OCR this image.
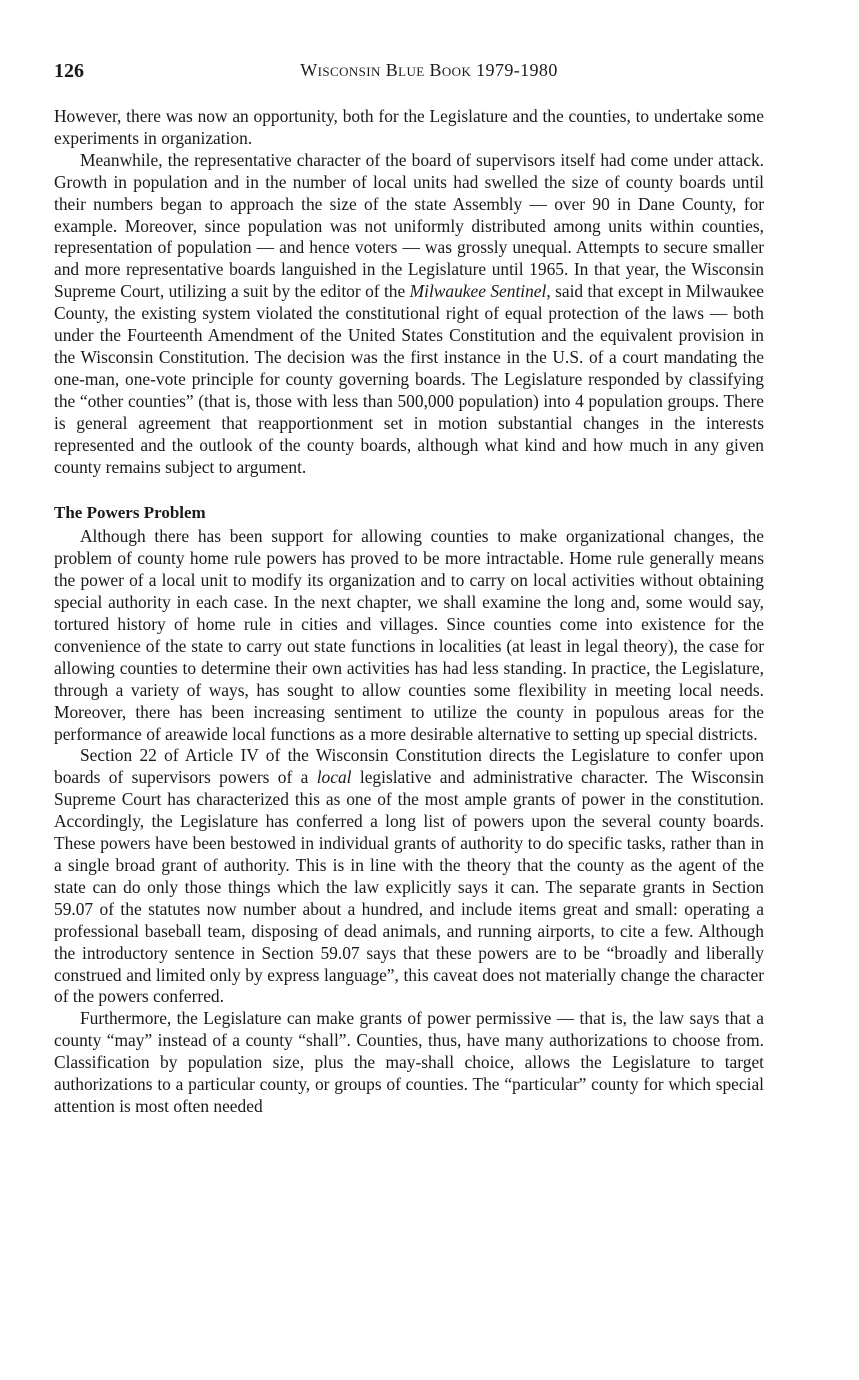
126	Wisconsin Blue Book 1979-1980

However, there was now an opportunity, both for the Legislature and the counties, to undertake some experiments in organization.

Meanwhile, the representative character of the board of supervisors itself had come under attack. Growth in population and in the number of local units had swelled the size of county boards until their numbers began to approach the size of the state Assembly — over 90 in Dane County, for example. Moreover, since population was not uniformly distributed among units within counties, representation of population — and hence voters — was grossly unequal. Attempts to secure smaller and more representative boards languished in the Legislature until 1965. In that year, the Wisconsin Supreme Court, utilizing a suit by the editor of the Milwaukee Sentinel, said that except in Milwaukee County, the existing system violated the constitutional right of equal protection of the laws — both under the Fourteenth Amendment of the United States Constitution and the equivalent provision in the Wisconsin Constitution. The decision was the first instance in the U.S. of a court mandating the one-man, one-vote principle for county governing boards. The Legislature responded by classifying the “other counties” (that is, those with less than 500,000 population) into 4 population groups. There is general agreement that reapportionment set in motion substantial changes in the interests represented and the outlook of the county boards, although what kind and how much in any given county remains subject to argument.

The Powers Problem

Although there has been support for allowing counties to make organizational changes, the problem of county home rule powers has proved to be more intractable. Home rule generally means the power of a local unit to modify its organization and to carry on local activities without obtaining special authority in each case. In the next chapter, we shall examine the long and, some would say, tortured history of home rule in cities and villages. Since counties come into existence for the convenience of the state to carry out state functions in localities (at least in legal theory), the case for allowing counties to determine their own activities has had less standing. In practice, the Legislature, through a variety of ways, has sought to allow counties some flexibility in meeting local needs. Moreover, there has been increasing sentiment to utilize the county in populous areas for the performance of areawide local functions as a more desirable alternative to setting up special districts.

Section 22 of Article IV of the Wisconsin Constitution directs the Legislature to confer upon boards of supervisors powers of a local legislative and administrative character. The Wisconsin Supreme Court has characterized this as one of the most ample grants of power in the constitution. Accordingly, the Legislature has conferred a long list of powers upon the several county boards. These powers have been bestowed in individual grants of authority to do specific tasks, rather than in a single broad grant of authority. This is in line with the theory that the county as the agent of the state can do only those things which the law explicitly says it can. The separate grants in Section 59.07 of the statutes now number about a hundred, and include items great and small: operating a professional baseball team, disposing of dead animals, and running airports, to cite a few. Although the introductory sentence in Section 59.07 says that these powers are to be “broadly and liberally construed and limited only by express language”, this caveat does not materially change the character of the powers conferred.

Furthermore, the Legislature can make grants of power permissive — that is, the law says that a county “may” instead of a county “shall”. Counties, thus, have many authorizations to choose from. Classification by population size, plus the may-shall choice, allows the Legislature to target authorizations to a particular county, or groups of counties. The “particular” county for which special attention is most often needed
